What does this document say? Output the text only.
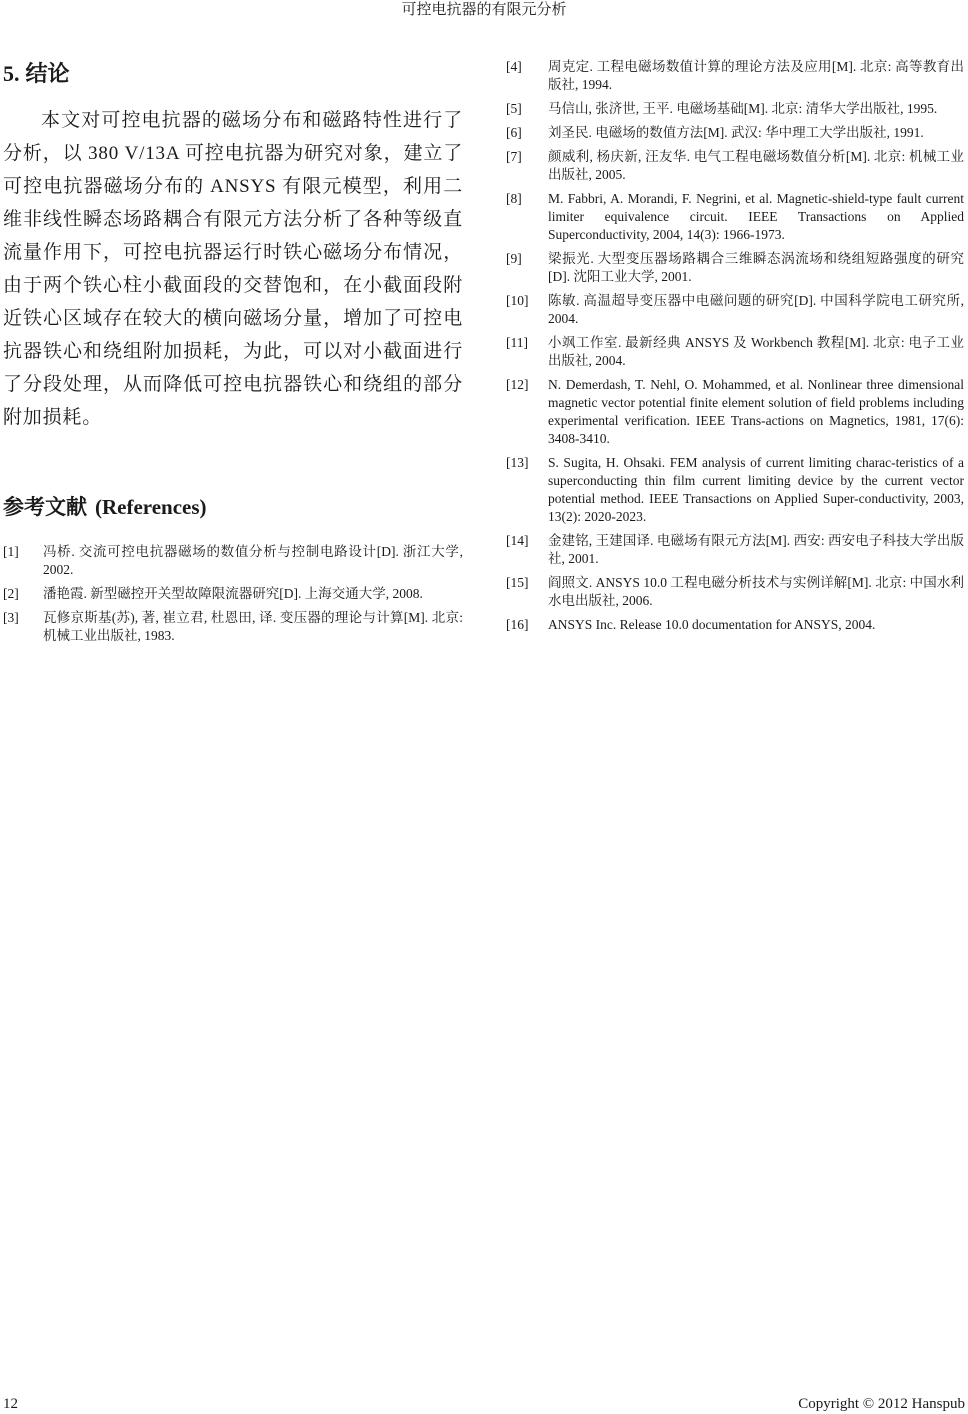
可控电抗器的有限元分析
5. 结论

本文对可控电抗器的磁场分布和磁路特性进行了分析，以 380 V/13A 可控电抗器为研究对象，建立了可控电抗器磁场分布的 ANSYS 有限元模型，利用二维非线性瞬态场路耦合有限元方法分析了各种等级直流量作用下，可控电抗器运行时铁心磁场分布情况，由于两个铁心柱小截面段的交替饱和，在小截面段附近铁心区域存在较大的横向磁场分量，增加了可控电抗器铁心和绕组附加损耗，为此，可以对小截面进行了分段处理，从而降低可控电抗器铁心和绕组的部分附加损耗。

参考文献 (References)
[1]	冯桥. 交流可控电抗器磁场的数值分析与控制电路设计[D]. 浙江大学, 2002.
[2]	潘艳霞. 新型磁控开关型故障限流器研究[D]. 上海交通大学, 2008.
[3]	瓦修京斯基(苏), 著, 崔立君, 杜恩田, 译. 变压器的理论与计算[M]. 北京: 机械工业出版社, 1983.
[4]	周克定. 工程电磁场数值计算的理论方法及应用[M]. 北京: 高等教育出版社, 1994.
[5]	马信山, 张济世, 王平. 电磁场基础[M]. 北京: 清华大学出版社, 1995.
[6]	刘圣民. 电磁场的数值方法[M]. 武汉: 华中理工大学出版社, 1991.
[7]	颜威利, 杨庆新, 汪友华. 电气工程电磁场数值分析[M]. 北京: 机械工业出版社, 2005.
[8]	M. Fabbri, A. Morandi, F. Negrini, et al. Magnetic-shield-type fault current limiter equivalence circuit. IEEE Transactions on Applied Superconductivity, 2004, 14(3): 1966-1973.
[9]	梁振光. 大型变压器场路耦合三维瞬态涡流场和绕组短路强度的研究[D]. 沈阳工业大学, 2001.
[10]	陈敏. 高温超导变压器中电磁问题的研究[D]. 中国科学院电工研究所, 2004.
[11]	小飒工作室. 最新经典 ANSYS 及 Workbench 教程[M]. 北京: 电子工业出版社, 2004.
[12]	N. Demerdash, T. Nehl, O. Mohammed, et al. Nonlinear three dimensional magnetic vector potential finite element solution of field problems including experimental verification. IEEE Trans-actions on Magnetics, 1981, 17(6): 3408-3410.
[13]	S. Sugita, H. Ohsaki. FEM analysis of current limiting charac-teristics of a superconducting thin film current limiting device by the current vector potential method. IEEE Transactions on Applied Super-conductivity, 2003, 13(2): 2020-2023.
[14]	金建铭, 王建国译. 电磁场有限元方法[M]. 西安: 西安电子科技大学出版社, 2001.
[15]	阎照文. ANSYS 10.0 工程电磁分析技术与实例详解[M]. 北京: 中国水利水电出版社, 2006.
[16]	ANSYS Inc. Release 10.0 documentation for ANSYS, 2004.
12	Copyright © 2012 Hanspub
